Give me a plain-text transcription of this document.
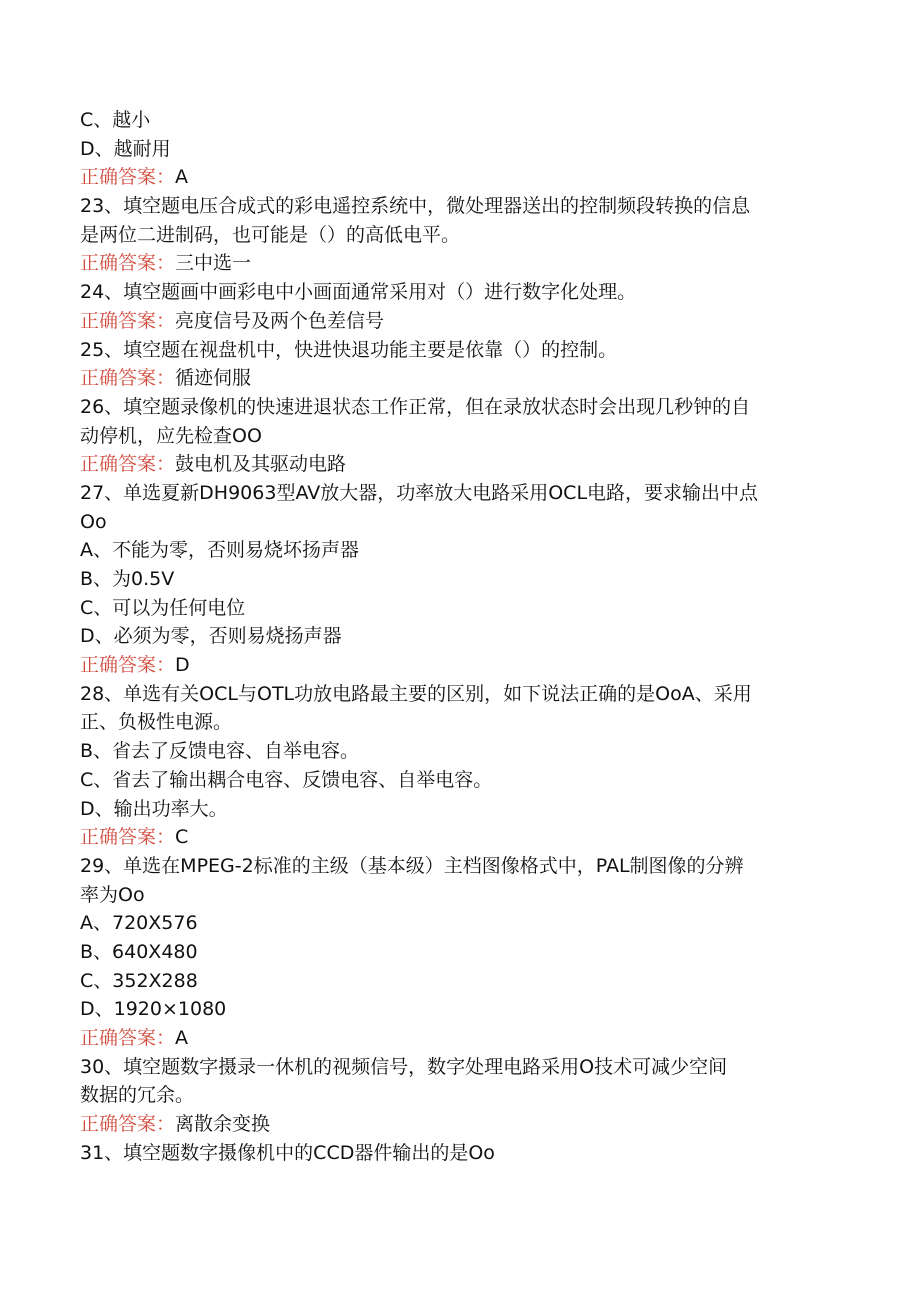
C、越小
D、越耐用
正确答案：A
23、填空题电压合成式的彩电遥控系统中，微处理器送出的控制频段转换的信息
是两位二进制码，也可能是（）的高低电平。
正确答案：三中选一
24、填空题画中画彩电中小画面通常采用对（）进行数字化处理。
正确答案：亮度信号及两个色差信号
25、填空题在视盘机中，快进快退功能主要是依靠（）的控制。
正确答案：循迹伺服
26、填空题录像机的快速进退状态工作正常，但在录放状态时会出现几秒钟的自
动停机，应先检查OO
正确答案：鼓电机及其驱动电路
27、单选夏新DH9063型AV放大器，功率放大电路采用OCL电路，要求输出中点
Oo
A、不能为零，否则易烧坏扬声器
B、为0.5V
C、可以为任何电位
D、必须为零，否则易烧扬声器
正确答案：D
28、单选有关OCL与OTL功放电路最主要的区别，如下说法正确的是OoA、采用
正、负极性电源。
B、省去了反馈电容、自举电容。
C、省去了输出耦合电容、反馈电容、自举电容。
D、输出功率大。
正确答案：C
29、单选在MPEG-2标准的主级（基本级）主档图像格式中，PAL制图像的分辨
率为Oo
A、720X576
B、640X480
C、352X288
D、1920×1080
正确答案：A
30、填空题数字摄录一休机的视频信号，数字处理电路采用O技术可减少空间
数据的冗余。
正确答案：离散余变换
31、填空题数字摄像机中的CCD器件输出的是Oo
